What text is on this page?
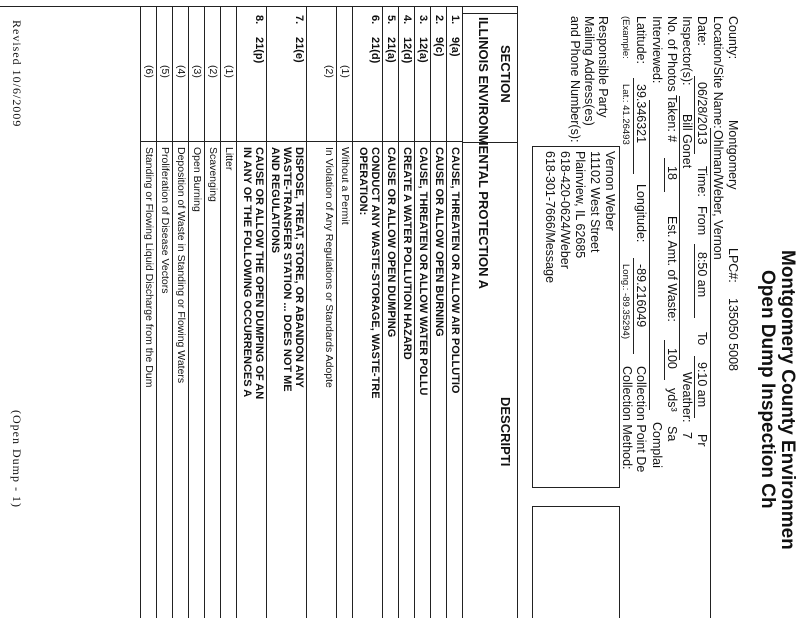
Montgomery County Environmen
Open Dump Inspection Ch
County:
Montgomery
LPC#:
135050 5008
Location/Site Name:
Ohlman/Weber, Vernon
Date:
06/28/2013
Time:
From
8:50 am
To
9:10 am
Pr
Inspector(s):
Bill Gonet
Weather:
7
No. of Photos Taken: #
18
Est. Amt. of Waste:
100
yds³
Sa
Interviewed:
Complai
Latitude:
39.346321
Longitude:
-89.216049
Collection Point De
(Example:
Lat.: 41.26493
Long.: -89.35294)
Collection Method:
Responsible Party
Mailing Address(es)
and Phone Number(s):
Vernon Weber
11102 West Street
Plainview, IL 62685
618-420-0624/Weber
618-301-7666/Message
SECTION
DESCRIPTI
ILLINOIS ENVIRONMENTAL PROTECTION A
1.
9(a)
CAUSE, THREATEN OR ALLOW AIR POLLUTIO
2.
9(c)
CAUSE OR ALLOW OPEN BURNING
3.
12(a)
CAUSE, THREATEN OR ALLOW WATER POLLU
4.
12(d)
CREATE A WATER POLLUTION HAZARD
5.
21(a)
CAUSE OR ALLOW OPEN DUMPING
6.
21(d)
CONDUCT ANY WASTE-STORAGE, WASTE-TRE
OPERATION:
(1)
Without a Permit
(2)
In Violation of Any Regulations or Standards Adopte
7.
21(e)
DISPOSE, TREAT, STORE, OR ABANDON ANY
WASTE-TRANSFER STATION ... DOES NOT ME
AND REGULATIONS
8.
21(p)
CAUSE OR ALLOW THE OPEN DUMPING OF AN
IN ANY OF THE FOLLOWING OCCURRENCES A
(1)
Litter
(2)
Scavenging
(3)
Open Burning
(4)
Deposition of Waste in Standing or Flowing Waters
(5)
Proliferation of Disease Vectors
(6)
Standing or Flowing Liquid Discharge from the Dum
Revised 10/6/2009
(Open Dump - 1)
